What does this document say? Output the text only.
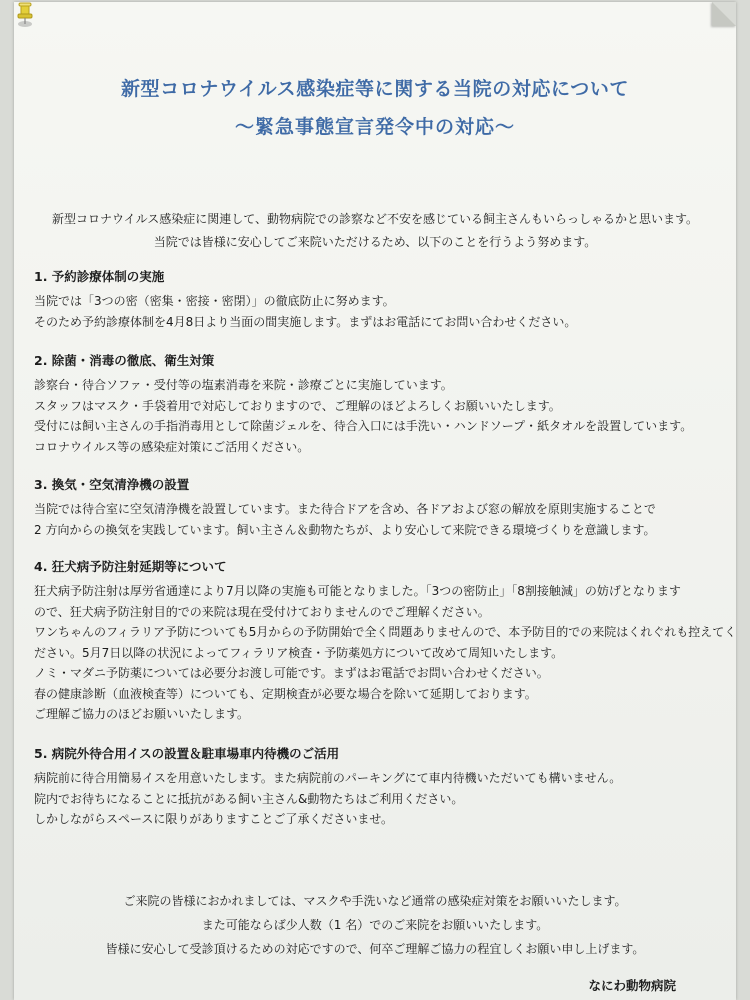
新型コロナウイルス感染症等に関する当院の対応について
〜緊急事態宣言発令中の対応〜
新型コロナウイルス感染症に関連して、動物病院での診察など不安を感じている飼主さんもいらっしゃるかと思います。
当院では皆様に安心してご来院いただけるため、以下のことを行うよう努めます。
1. 予約診療体制の実施
当院では「3つの密（密集・密接・密閉）」の徹底防止に努めます。
そのため予約診療体制を4月8日より当面の間実施します。まずはお電話にてお問い合わせください。
2. 除菌・消毒の徹底、衛生対策
診察台・待合ソファ・受付等の塩素消毒を来院・診療ごとに実施しています。
スタッフはマスク・手袋着用で対応しておりますので、ご理解のほどよろしくお願いいたします。
受付には飼い主さんの手指消毒用として除菌ジェルを、待合入口には手洗い・ハンドソープ・紙タオルを設置しています。
コロナウイルス等の感染症対策にご活用ください。
3. 換気・空気清浄機の設置
当院では待合室に空気清浄機を設置しています。また待合ドアを含め、各ドアおよび窓の解放を原則実施することで
2 方向からの換気を実践しています。飼い主さん＆動物たちが、より安心して来院できる環境づくりを意識します。
4. 狂犬病予防注射延期等について
狂犬病予防注射は厚労省通達により7月以降の実施も可能となりました。「3つの密防止」「8割接触減」の妨げとなります
ので、狂犬病予防注射目的での来院は現在受付けておりませんのでご理解ください。
ワンちゃんのフィラリア予防についても5月からの予防開始で全く問題ありませんので、本予防目的での来院はくれぐれも控えてく
ださい。5月7日以降の状況によってフィラリア検査・予防薬処方について改めて周知いたします。
ノミ・マダニ予防薬については必要分お渡し可能です。まずはお電話でお問い合わせください。
春の健康診断（血液検査等）についても、定期検査が必要な場合を除いて延期しております。
ご理解ご協力のほどお願いいたします。
5. 病院外待合用イスの設置＆駐車場車内待機のご活用
病院前に待合用簡易イスを用意いたします。また病院前のパーキングにて車内待機いただいても構いません。
院内でお待ちになることに抵抗がある飼い主さん&動物たちはご利用ください。
しかしながらスペースに限りがありますことご了承くださいませ。
ご来院の皆様におかれましては、マスクや手洗いなど通常の感染症対策をお願いいたします。
また可能ならば少人数（1 名）でのご来院をお願いいたします。
皆様に安心して受診頂けるための対応ですので、何卒ご理解ご協力の程宜しくお願い申し上げます。
なにわ動物病院
